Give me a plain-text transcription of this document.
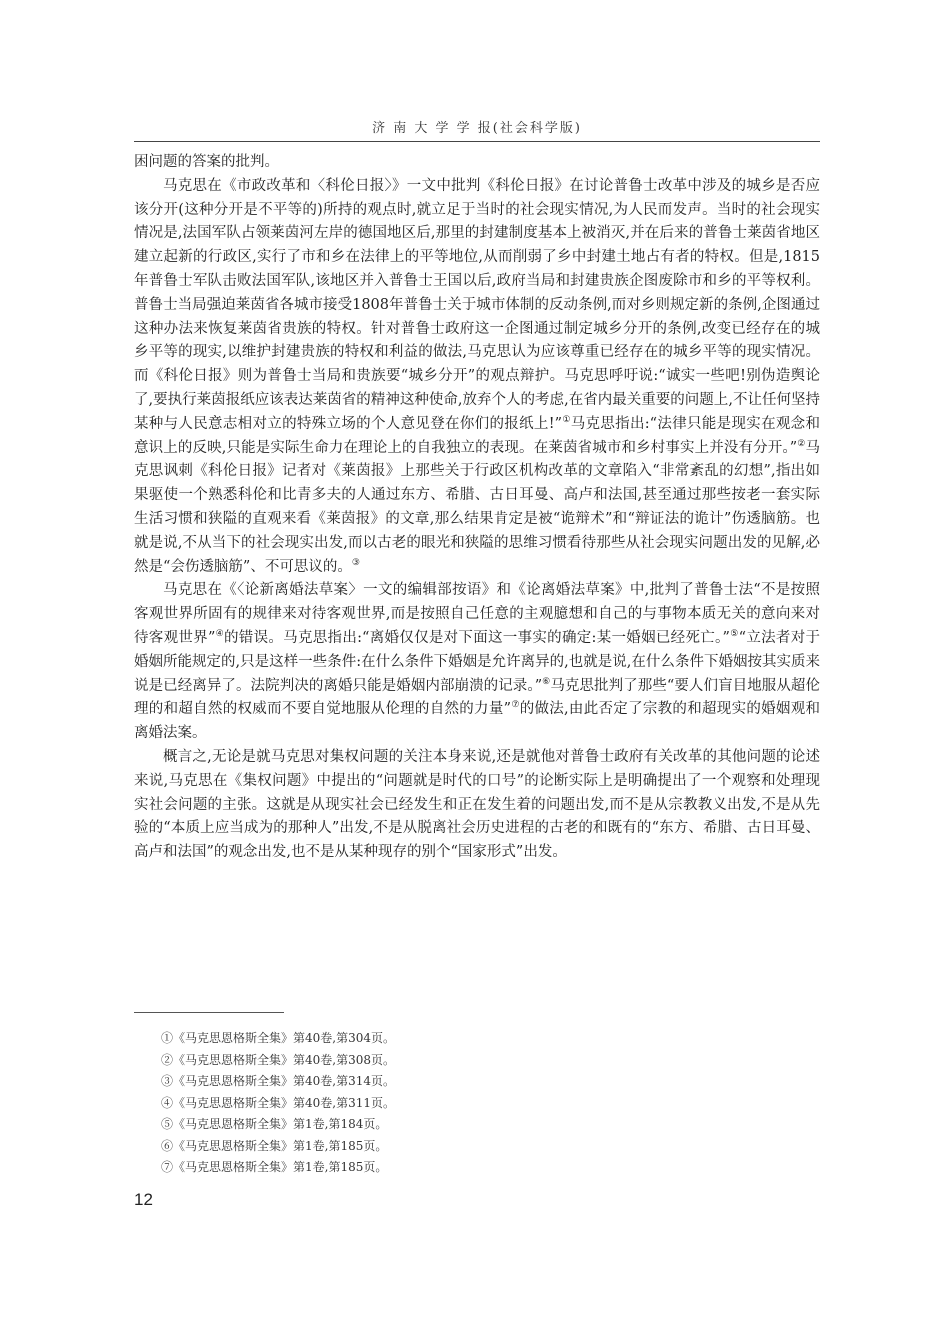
济 南 大 学 学 报(社会科学版)

困问题的答案的批判。

马克思在《市政改革和〈科伦日报〉》一文中批判《科伦日报》在讨论普鲁士改革中涉及的城乡是否应该分开(这种分开是不平等的)所持的观点时,就立足于当时的社会现实情况,为人民而发声。当时的社会现实情况是,法国军队占领莱茵河左岸的德国地区后,那里的封建制度基本上被消灭,并在后来的普鲁士莱茵省地区建立起新的行政区,实行了市和乡在法律上的平等地位,从而削弱了乡中封建土地占有者的特权。但是,1815年普鲁士军队击败法国军队,该地区并入普鲁士王国以后,政府当局和封建贵族企图废除市和乡的平等权利。普鲁士当局强迫莱茵省各城市接受1808年普鲁士关于城市体制的反动条例,而对乡则规定新的条例,企图通过这种办法来恢复莱茵省贵族的特权。针对普鲁士政府这一企图通过制定城乡分开的条例,改变已经存在的城乡平等的现实,以维护封建贵族的特权和利益的做法,马克思认为应该尊重已经存在的城乡平等的现实情况。而《科伦日报》则为普鲁士当局和贵族要“城乡分开”的观点辩护。马克思呼吁说:“诚实一些吧!别伪造舆论了,要执行莱茵报纸应该表达莱茵省的精神这种使命,放弃个人的考虑,在省内最关重要的问题上,不让任何坚持某种与人民意志相对立的特殊立场的个人意见登在你们的报纸上!”①马克思指出:“法律只能是现实在观念和意识上的反映,只能是实际生命力在理论上的自我独立的表现。在莱茵省城市和乡村事实上并没有分开。”②马克思讽刺《科伦日报》记者对《莱茵报》上那些关于行政区机构改革的文章陷入“非常紊乱的幻想”,指出如果驱使一个熟悉科伦和比青多夫的人通过东方、希腊、古日耳曼、高卢和法国,甚至通过那些按老一套实际生活习惯和狭隘的直观来看《莱茵报》的文章,那么结果肯定是被“诡辩术”和“辩证法的诡计”伤透脑筋。也就是说,不从当下的社会现实出发,而以古老的眼光和狭隘的思维习惯看待那些从社会现实问题出发的见解,必然是“会伤透脑筋”、不可思议的。③

马克思在《〈论新离婚法草案〉一文的编辑部按语》和《论离婚法草案》中,批判了普鲁士法“不是按照客观世界所固有的规律来对待客观世界,而是按照自己任意的主观臆想和自己的与事物本质无关的意向来对待客观世界”④的错误。马克思指出:“离婚仅仅是对下面这一事实的确定:某一婚姻已经死亡。”⑤“立法者对于婚姻所能规定的,只是这样一些条件:在什么条件下婚姻是允许离异的,也就是说,在什么条件下婚姻按其实质来说是已经离异了。法院判决的离婚只能是婚姻内部崩溃的记录。”⑥马克思批判了那些“要人们盲目地服从超伦理的和超自然的权威而不要自觉地服从伦理的自然的力量”⑦的做法,由此否定了宗教的和超现实的婚姻观和离婚法案。

概言之,无论是就马克思对集权问题的关注本身来说,还是就他对普鲁士政府有关改革的其他问题的论述来说,马克思在《集权问题》中提出的“问题就是时代的口号”的论断实际上是明确提出了一个观察和处理现实社会问题的主张。这就是从现实社会已经发生和正在发生着的问题出发,而不是从宗教教义出发,不是从先验的“本质上应当成为的那种人”出发,不是从脱离社会历史进程的古老的和既有的“东方、希腊、古日耳曼、高卢和法国”的观念出发,也不是从某种现存的别个“国家形式”出发。

①《马克思恩格斯全集》第40卷,第304页。
②《马克思恩格斯全集》第40卷,第308页。
③《马克思恩格斯全集》第40卷,第314页。
④《马克思恩格斯全集》第40卷,第311页。
⑤《马克思恩格斯全集》第1卷,第184页。
⑥《马克思恩格斯全集》第1卷,第185页。
⑦《马克思恩格斯全集》第1卷,第185页。
12
